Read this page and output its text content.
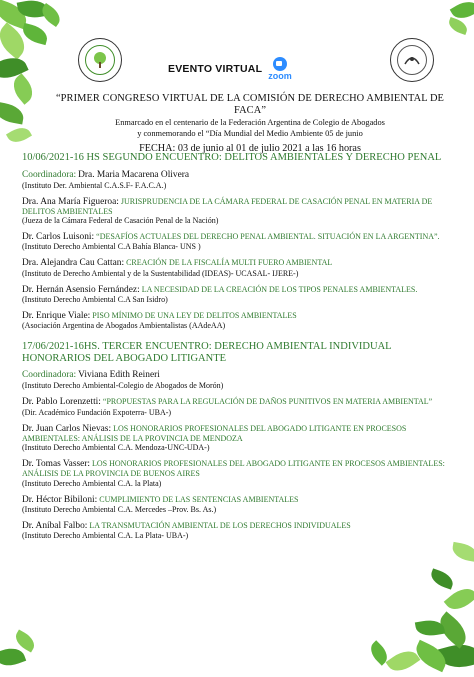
EVENTO VIRTUAL
zoom
“PRIMER CONGRESO VIRTUAL DE LA COMISIÓN DE DERECHO AMBIENTAL DE FACA”
Enmarcado en el centenario de la Federación Argentina de Colegio de Abogados
y conmemorando el “Día Mundial del Medio Ambiente 05 de junio
FECHA: 03 de junio al 01 de julio 2021 a las 16 horas
10/06/2021-16 HS SEGUNDO ENCUENTRO: DELITOS AMBIENTALES Y DERECHO PENAL
Coordinadora: Dra. Maria Macarena Olivera
(Instituto Der. Ambiental C.A.S.F- F.A.C.A.)
Dra. Ana María Figueroa: JURISPRUDENCIA DE LA CÁMARA FEDERAL DE CASACIÓN PENAL EN MATERIA DE DELITOS AMBIENTALES
(Jueza de la Cámara Federal de Casación Penal de la Nación)
Dr. Carlos Luisoni: “DESAFÍOS ACTUALES DEL DERECHO PENAL AMBIENTAL. SITUACIÓN EN LA ARGENTINA”.
(Instituto Derecho Ambiental C.A Bahía Blanca- UNS )
Dra. Alejandra Cau Cattan: CREACIÓN DE LA FISCALÍA MULTI FUERO AMBIENTAL
(Instituto de Derecho Ambiental y de la Sustentabilidad (IDEAS)- UCASAL- IJERE-)
Dr. Hernán Asensio Fernández: LA NECESIDAD DE LA CREACIÓN DE LOS TIPOS PENALES AMBIENTALES.
(Instituto Derecho Ambiental C.A San Isidro)
Dr. Enrique Viale: PISO MÍNIMO DE UNA LEY DE DELITOS AMBIENTALES
(Asociación Argentina de Abogados Ambientalistas (AAdeAA)
17/06/2021-16HS. TERCER ENCUENTRO: DERECHO AMBIENTAL INDIVIDUAL HONORARIOS DEL ABOGADO LITIGANTE
Coordinadora: Viviana Edith Reineri
(Instituto Derecho Ambiental-Colegio de Abogados de Morón)
Dr. Pablo Lorenzetti: “PROPUESTAS PARA LA REGULACIÓN DE DAÑOS PUNITIVOS EN MATERIA AMBIENTAL”
(Dir. Académico Fundación Expoterra- UBA-)
Dr. Juan Carlos Nievas: LOS HONORARIOS PROFESIONALES DEL ABOGADO LITIGANTE EN PROCESOS AMBIENTALES: ANÁLISIS DE LA PROVINCIA DE MENDOZA
(Instituto Derecho Ambiental C.A. Mendoza-UNC-UDA-)
Dr. Tomas Vasser: LOS HONORARIOS PROFESIONALES DEL ABOGADO LITIGANTE EN PROCESOS AMBIENTALES: ANÁLISIS DE LA PROVINCIA DE BUENOS AIRES
(Instituto Derecho Ambiental C.A. la Plata)
Dr. Héctor Bibiloni: CUMPLIMIENTO DE LAS SENTENCIAS AMBIENTALES
(Instituto Derecho Ambiental C.A. Mercedes –Prov. Bs. As.)
Dr. Aníbal Falbo: LA TRANSMUTACIÓN AMBIENTAL DE LOS DERECHOS INDIVIDUALES
(Instituto Derecho Ambiental C.A. La Plata- UBA-)
